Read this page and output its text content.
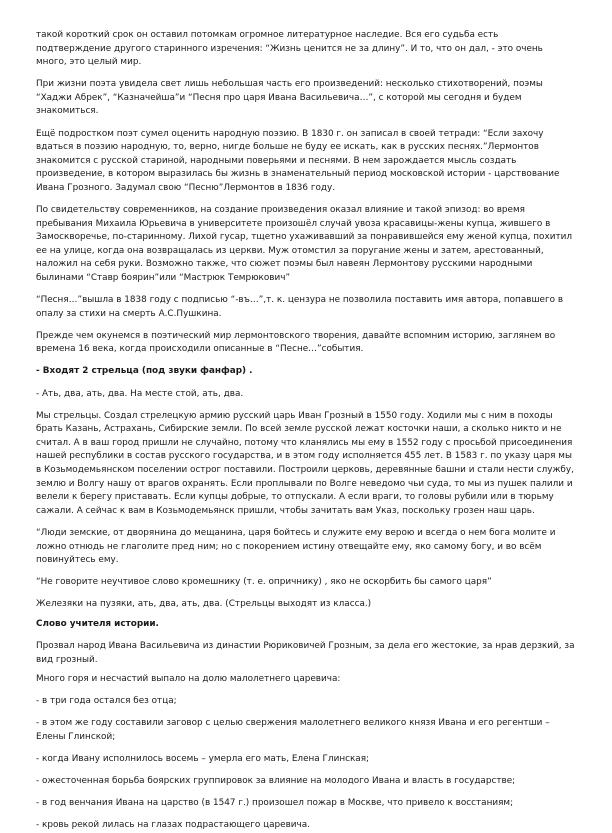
такой короткий срок он оставил потомкам огромное литературное наследие. Вся его судьба есть подтверждение другого старинного изречения: “Жизнь ценится не за длину”. И то, что он дал, - это очень много, это целый мир.

При жизни поэта увидела свет лишь небольшая часть его произведений: несколько стихотворений, поэмы “Хаджи Абрек”, “Казначейша”и “Песня про царя Ивана Васильевича…”, с которой мы сегодня и будем знакомиться.

Ещё подростком поэт сумел оценить народную поэзию. В 1830 г. он записал в своей тетради: “Если захочу вдаться в поэзию народную, то, верно, нигде больше не буду ее искать, как в русских песнях.”Лермонтов знакомится с русской стариной, народными поверьями и песнями. В нем зарождается мысль создать произведение, в котором выразилась бы жизнь в знаменательный период московской истории - царствование Ивана Грозного. Задумал свою “Песню”Лермонтов в 1836 году.

По свидетельству современников, на создание произведения оказал влияние и такой эпизод: во время пребывания Михаила Юрьевича в университете произошёл случай увоза красавицы-жены купца, жившего в Замоскворечье, по-старинному. Лихой гусар, тщетно ухаживавший за понравившейся ему женой купца, похитил ее на улице, когда она возвращалась из церкви. Муж отомстил за поругание жены и затем, арестованный, наложил на себя руки. Возможно также, что сюжет поэмы был навеян Лермонтову русскими народными былинами “Ставр боярин”или “Мастрюк Темрюкович”

“Песня…”вышла в 1838 году с подписью “-въ…”,т. к. цензура не позволила поставить имя автора, попавшего в опалу за стихи на смерть А.С.Пушкина.

Прежде чем окунемся в поэтический мир лермонтовского творения, давайте вспомним историю, заглянем во времена 16 века, когда происходили описанные в “Песне…”события.

- Входят 2 стрельца (под звуки фанфар) .

- Ать, два, ать, два. На месте стой, ать, два.

Мы стрельцы. Создал стрелецкую армию русский царь Иван Грозный в 1550 году. Ходили мы с ним в походы брать Казань, Астрахань, Сибирские земли. По всей земле русской лежат косточки наши, а сколько никто и не считал. А в ваш город пришли не случайно, потому что кланялись мы ему в 1552 году с просьбой присоединения нашей республики в состав русского государства, и в этом году исполняется 455 лет. В 1583 г. по указу царя мы в Козьмодемьянском поселении острог поставили. Построили церковь, деревянные башни и стали нести службу, землю и Волгу нашу от врагов охранять. Если проплывали по Волге неведомо чьи суда, то мы из пушек палили и велели к берегу приставать. Если купцы добрые, то отпускали. А если враги, то головы рубили или в тюрьму сажали. А сейчас к вам в Козьмодемьянск пришли, чтобы зачитать вам Указ, поскольку грозен наш царь.

“Люди земские, от дворянина до мещанина, царя бойтесь и служите ему верою и всегда о нем бога молите и ложно отнюдь не глаголите пред ним; но с покорением истину отвещайте ему, яко самому богу, и во всём повинуйтесь ему.

“Не говорите неучтивое слово кромешнику (т. е. опричнику) , яко не оскорбить бы самого царя”

Железяки на пузяки, ать, два, ать, два. (Стрельцы выходят из класса.)

Слово учителя истории.

Прозвал народ Ивана Васильевича из династии Рюриковичей Грозным, за дела его жестокие, за нрав дерзкий, за вид грозный.

Много горя и несчастий выпало на долю малолетнего царевича:

- в три года остался без отца;

- в этом же году составили заговор с целью свержения малолетнего великого князя Ивана и его регентши – Елены Глинской;

- когда Ивану исполнилось восемь – умерла его мать, Елена Глинская;

- ожесточенная борьба боярских группировок за влияние на молодого Ивана и власть в государстве;

- в год венчания Ивана на царство (в 1547 г.) произошел пожар в Москве, что привело к восстаниям;

- кровь рекой лилась на глазах подрастающего царевича.
